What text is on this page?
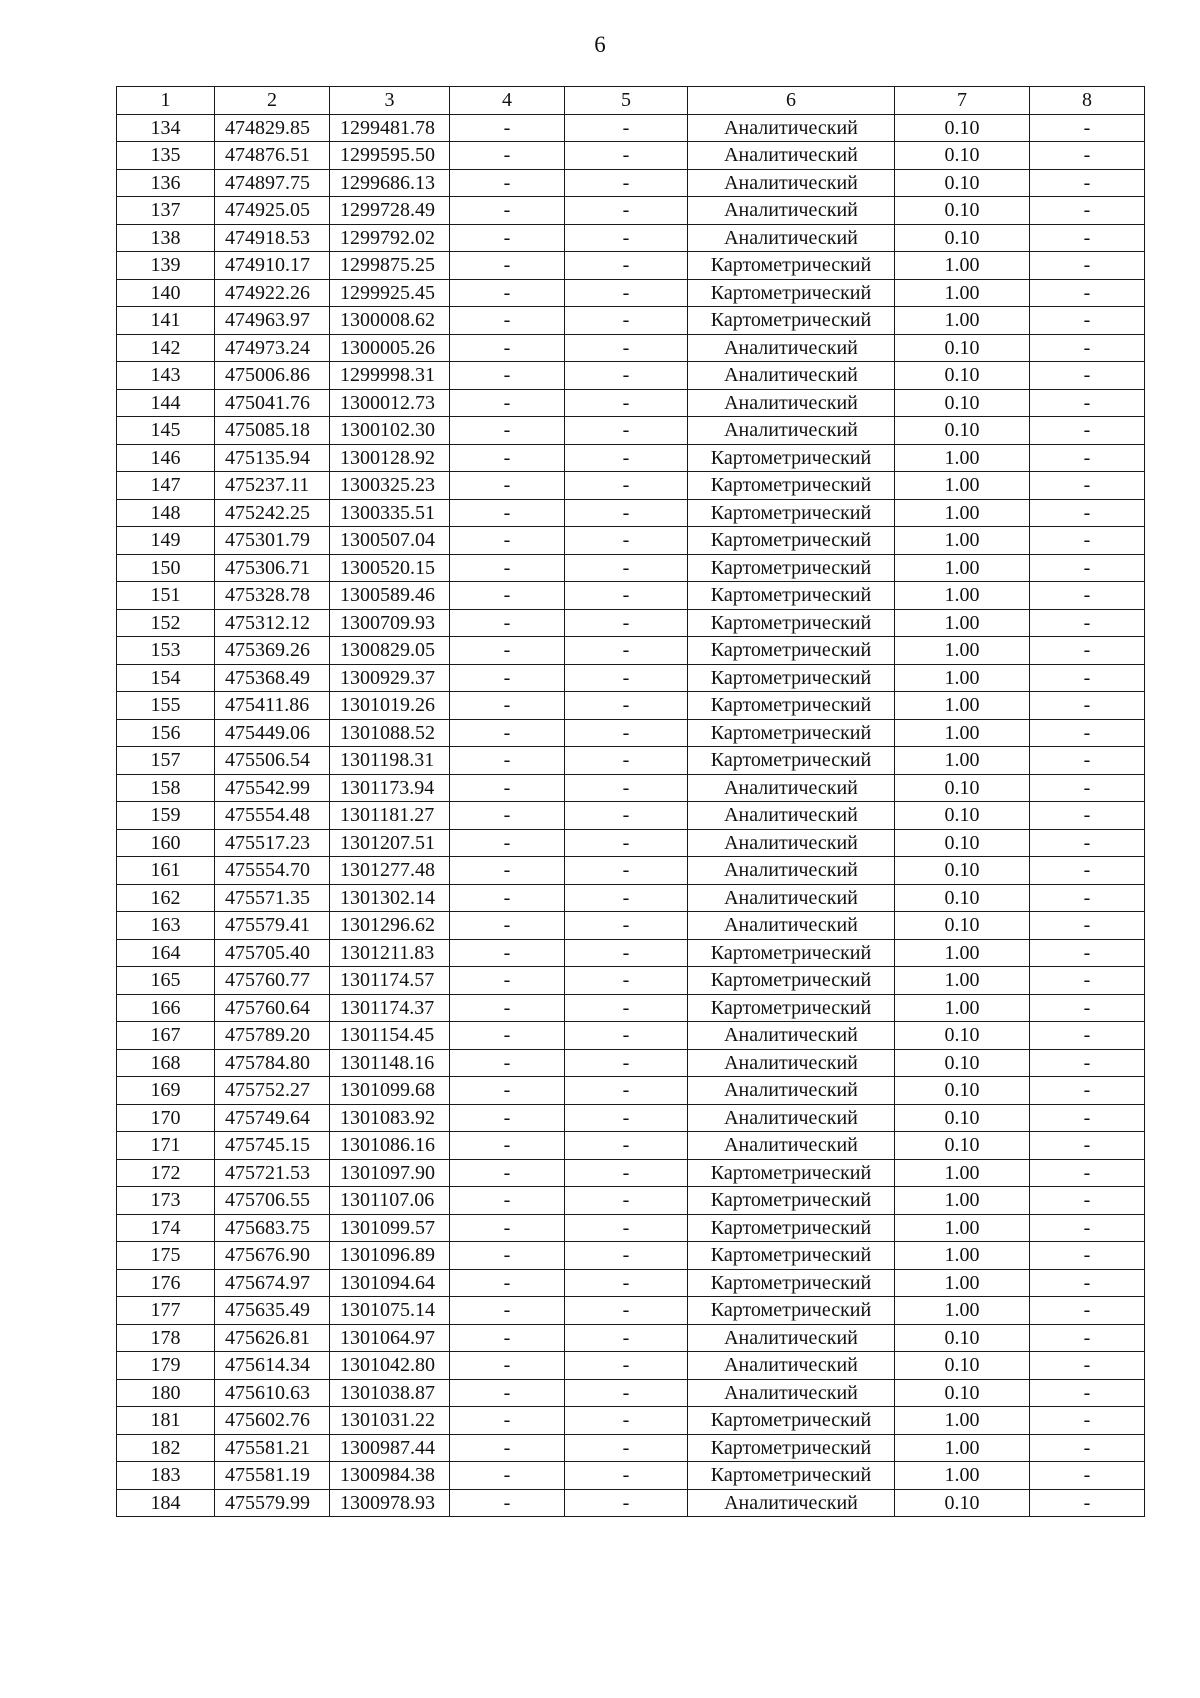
6
1	2	3	4	5	6	7	8
134	474829.85	1299481.78	-	-	Аналитический	0.10	-
135	474876.51	1299595.50	-	-	Аналитический	0.10	-
136	474897.75	1299686.13	-	-	Аналитический	0.10	-
137	474925.05	1299728.49	-	-	Аналитический	0.10	-
138	474918.53	1299792.02	-	-	Аналитический	0.10	-
139	474910.17	1299875.25	-	-	Картометрический	1.00	-
140	474922.26	1299925.45	-	-	Картометрический	1.00	-
141	474963.97	1300008.62	-	-	Картометрический	1.00	-
142	474973.24	1300005.26	-	-	Аналитический	0.10	-
143	475006.86	1299998.31	-	-	Аналитический	0.10	-
144	475041.76	1300012.73	-	-	Аналитический	0.10	-
145	475085.18	1300102.30	-	-	Аналитический	0.10	-
146	475135.94	1300128.92	-	-	Картометрический	1.00	-
147	475237.11	1300325.23	-	-	Картометрический	1.00	-
148	475242.25	1300335.51	-	-	Картометрический	1.00	-
149	475301.79	1300507.04	-	-	Картометрический	1.00	-
150	475306.71	1300520.15	-	-	Картометрический	1.00	-
151	475328.78	1300589.46	-	-	Картометрический	1.00	-
152	475312.12	1300709.93	-	-	Картометрический	1.00	-
153	475369.26	1300829.05	-	-	Картометрический	1.00	-
154	475368.49	1300929.37	-	-	Картометрический	1.00	-
155	475411.86	1301019.26	-	-	Картометрический	1.00	-
156	475449.06	1301088.52	-	-	Картометрический	1.00	-
157	475506.54	1301198.31	-	-	Картометрический	1.00	-
158	475542.99	1301173.94	-	-	Аналитический	0.10	-
159	475554.48	1301181.27	-	-	Аналитический	0.10	-
160	475517.23	1301207.51	-	-	Аналитический	0.10	-
161	475554.70	1301277.48	-	-	Аналитический	0.10	-
162	475571.35	1301302.14	-	-	Аналитический	0.10	-
163	475579.41	1301296.62	-	-	Аналитический	0.10	-
164	475705.40	1301211.83	-	-	Картометрический	1.00	-
165	475760.77	1301174.57	-	-	Картометрический	1.00	-
166	475760.64	1301174.37	-	-	Картометрический	1.00	-
167	475789.20	1301154.45	-	-	Аналитический	0.10	-
168	475784.80	1301148.16	-	-	Аналитический	0.10	-
169	475752.27	1301099.68	-	-	Аналитический	0.10	-
170	475749.64	1301083.92	-	-	Аналитический	0.10	-
171	475745.15	1301086.16	-	-	Аналитический	0.10	-
172	475721.53	1301097.90	-	-	Картометрический	1.00	-
173	475706.55	1301107.06	-	-	Картометрический	1.00	-
174	475683.75	1301099.57	-	-	Картометрический	1.00	-
175	475676.90	1301096.89	-	-	Картометрический	1.00	-
176	475674.97	1301094.64	-	-	Картометрический	1.00	-
177	475635.49	1301075.14	-	-	Картометрический	1.00	-
178	475626.81	1301064.97	-	-	Аналитический	0.10	-
179	475614.34	1301042.80	-	-	Аналитический	0.10	-
180	475610.63	1301038.87	-	-	Аналитический	0.10	-
181	475602.76	1301031.22	-	-	Картометрический	1.00	-
182	475581.21	1300987.44	-	-	Картометрический	1.00	-
183	475581.19	1300984.38	-	-	Картометрический	1.00	-
184	475579.99	1300978.93	-	-	Аналитический	0.10	-
